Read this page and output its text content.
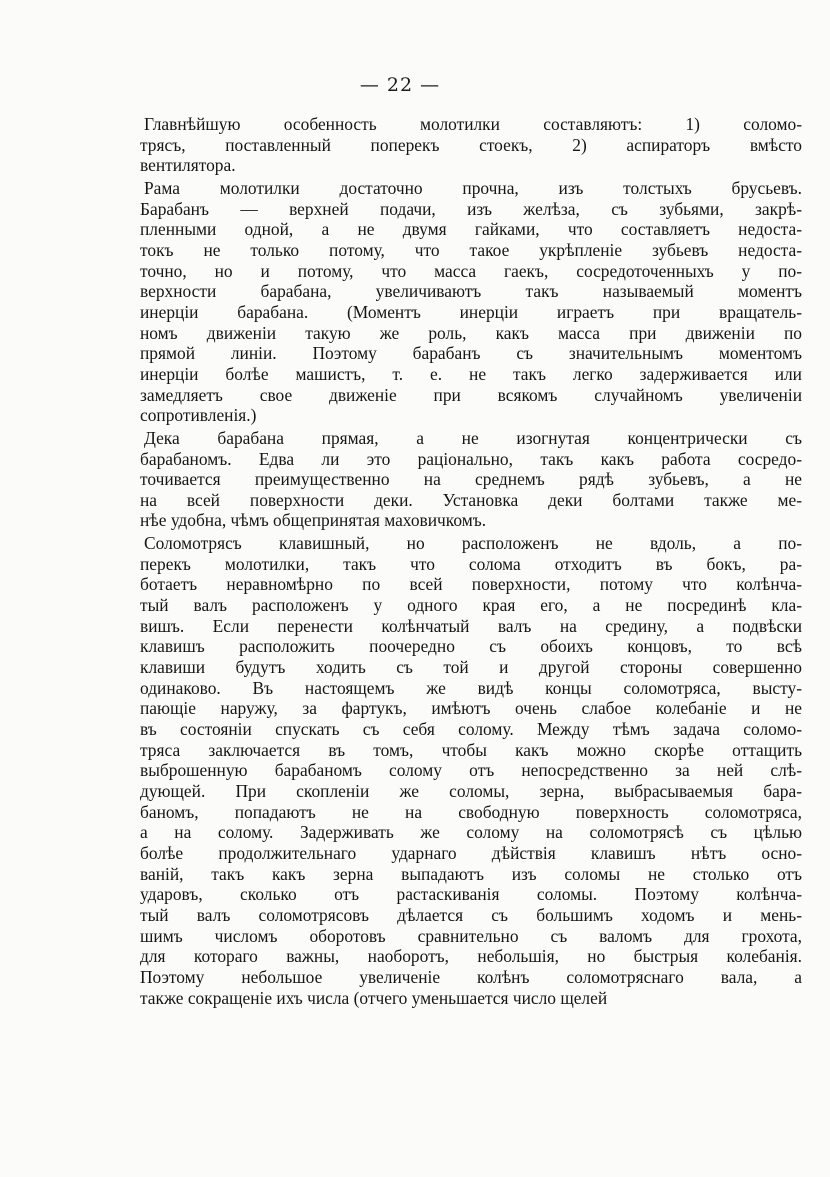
— 22 —
Главнѣйшую особенность молотилки составляютъ: 1) соломо-
трясъ, поставленный поперекъ стоекъ, 2) аспираторъ вмѣсто
вентилятора.
Рама молотилки достаточно прочна, изъ толстыхъ брусьевъ.
Барабанъ — верхней подачи, изъ желѣза, съ зубьями, закрѣ-
пленными одной, а не двумя гайками, что составляетъ недоста-
токъ не только потому, что такое укрѣпленіе зубьевъ недоста-
точно, но и потому, что масса гаекъ, сосредоточенныхъ у по-
верхности барабана, увеличиваютъ такъ называемый моментъ
инерціи барабана. (Моментъ инерціи играетъ при вращатель-
номъ движеніи такую же роль, какъ масса при движеніи по
прямой линіи. Поэтому барабанъ съ значительнымъ моментомъ
инерціи болѣе машистъ, т. е. не такъ легко задерживается или
замедляетъ свое движеніе при всякомъ случайномъ увеличеніи
сопротивленія.)
Дека барабана прямая, а не изогнутая концентрически съ
барабаномъ. Едва ли это раціонально, такъ какъ работа сосредо-
точивается преимущественно на среднемъ рядѣ зубьевъ, а не
на всей поверхности деки. Установка деки болтами также ме-
нѣе удобна, чѣмъ общепринятая маховичкомъ.
Соломотрясъ клавишный, но расположенъ не вдоль, а по-
перекъ молотилки, такъ что солома отходитъ въ бокъ, ра-
ботаетъ неравномѣрно по всей поверхности, потому что колѣнча-
тый валъ расположенъ у одного края его, а не посрединѣ кла-
вишъ. Если перенести колѣнчатый валъ на средину, а подвѣски
клавишъ расположить поочередно съ обоихъ концовъ, то всѣ
клавиши будутъ ходить съ той и другой стороны совершенно
одинаково. Въ настоящемъ же видѣ концы соломотряса, высту-
пающіе наружу, за фартукъ, имѣютъ очень слабое колебаніе и не
въ состояніи спускать съ себя солому. Между тѣмъ задача соломо-
тряса заключается въ томъ, чтобы какъ можно скорѣе оттащить
выброшенную барабаномъ солому отъ непосредственно за ней слѣ-
дующей. При скопленіи же соломы, зерна, выбрасываемыя бара-
баномъ, попадаютъ не на свободную поверхность соломотряса,
а на солому. Задерживать же солому на соломотрясѣ съ цѣлью
болѣе продолжительнаго ударнаго дѣйствія клавишъ нѣтъ осно-
ваній, такъ какъ зерна выпадаютъ изъ соломы не столько отъ
ударовъ, сколько отъ растаскиванія соломы. Поэтому колѣнча-
тый валъ соломотрясовъ дѣлается съ большимъ ходомъ и мень-
шимъ числомъ оборотовъ сравнительно съ валомъ для грохота,
для котораго важны, наоборотъ, небольшія, но быстрыя колебанія.
Поэтому небольшое увеличеніе колѣнъ соломотряснаго вала, а
также сокращеніе ихъ числа (отчего уменьшается число щелей
